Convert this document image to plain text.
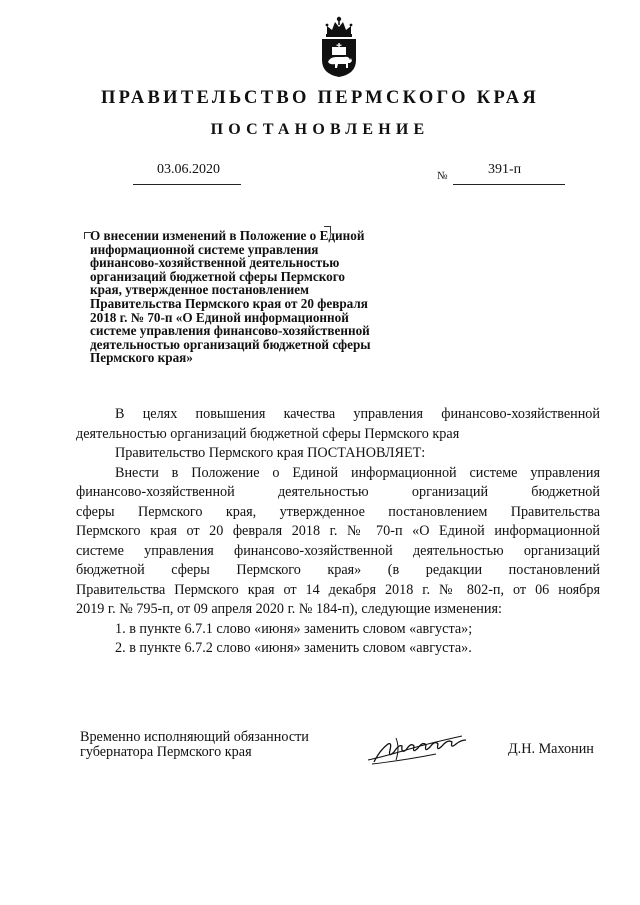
ПРАВИТЕЛЬСТВО ПЕРМСКОГО КРАЯ
ПОСТАНОВЛЕНИЕ
03.06.2020	№	391-п
О внесении изменений в Положение о Единой
информационной системе управления
финансово-хозяйственной деятельностью
организаций бюджетной сферы Пермского
края, утвержденное постановлением
Правительства Пермского края от 20 февраля
2018 г. № 70-п «О Единой информационной
системе управления финансово-хозяйственной
деятельностью организаций бюджетной сферы
Пермского края»
В целях повышения качества управления финансово-хозяйственной
деятельностью организаций бюджетной сферы Пермского края
Правительство Пермского края ПОСТАНОВЛЯЕТ:
Внести в Положение о Единой информационной системе управления
финансово-хозяйственной деятельностью организаций бюджетной
сферы Пермского края, утвержденное постановлением Правительства
Пермского края от 20 февраля 2018 г. № 70-п «О Единой информационной
системе управления финансово-хозяйственной деятельностью организаций
бюджетной сферы Пермского края» (в редакции постановлений
Правительства Пермского края от 14 декабря 2018 г. № 802-п, от 06 ноября
2019 г. № 795-п, от 09 апреля 2020 г. № 184-п), следующие изменения:
1. в пункте 6.7.1 слово «июня» заменить словом «августа»;
2. в пункте 6.7.2 слово «июня» заменить словом «августа».
Временно исполняющий обязанности
губернатора Пермского края	Д.Н. Махонин
